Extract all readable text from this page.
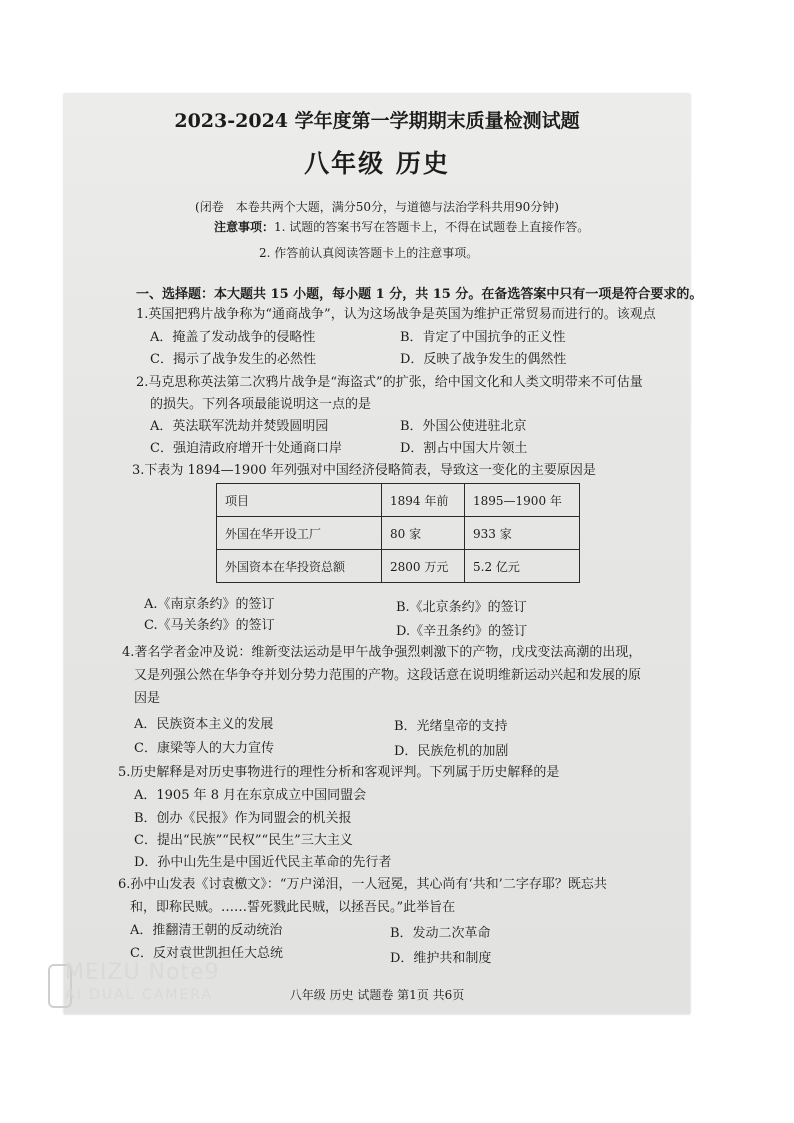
2023-2024 学年度第一学期期末质量检测试题
八年级 历史
(闭卷　本卷共两个大题，满分50分，与道德与法治学科共用90分钟)
注意事项：1. 试题的答案书写在答题卡上，不得在试题卷上直接作答。
2. 作答前认真阅读答题卡上的注意事项。
一、选择题：本大题共 15 小题，每小题 1 分，共 15 分。在备选答案中只有一项是符合要求的。
1.英国把鸦片战争称为“通商战争”，认为这场战争是英国为维护正常贸易而进行的。该观点
A．掩盖了发动战争的侵略性	B．肯定了中国抗争的正义性
C．揭示了战争发生的必然性	D．反映了战争发生的偶然性
2.马克思称英法第二次鸦片战争是“海盗式”的扩张，给中国文化和人类文明带来不可估量
的损失。下列各项最能说明这一点的是
A．英法联军洗劫并焚毁圆明园	B．外国公使进驻北京
C．强迫清政府增开十处通商口岸	D．割占中国大片领土
3.下表为 1894—1900 年列强对中国经济侵略简表，导致这一变化的主要原因是
项目	1894 年前	1895—1900 年
外国在华开设工厂	80 家	933 家
外国资本在华投资总额	2800 万元	5.2 亿元
A.《南京条约》的签订	B.《北京条约》的签订
C.《马关条约》的签订	D.《辛丑条约》的签订
4.著名学者金冲及说：维新变法运动是甲午战争强烈刺激下的产物，戊戌变法高潮的出现，
又是列强公然在华争夺并划分势力范围的产物。这段话意在说明维新运动兴起和发展的原
因是
A．民族资本主义的发展	B．光绪皇帝的支持
C．康梁等人的大力宣传	D．民族危机的加剧
5.历史解释是对历史事物进行的理性分析和客观评判。下列属于历史解释的是
A．1905 年 8 月在东京成立中国同盟会
B．创办《民报》作为同盟会的机关报
C．提出“民族”“民权”“民生”三大主义
D．孙中山先生是中国近代民主革命的先行者
6.孙中山发表《讨袁檄文》：“万户涕泪，一人冠冕，其心尚有‘共和’二字存耶？既忘共
和，即称民贼。……誓死戮此民贼，以拯吾民。”此举旨在
A．推翻清王朝的反动统治	B．发动二次革命
C．反对袁世凯担任大总统	D．维护共和制度
八年级 历史 试题卷 第1页 共6页
MEIZU Note9
AI DUAL CAMERA
